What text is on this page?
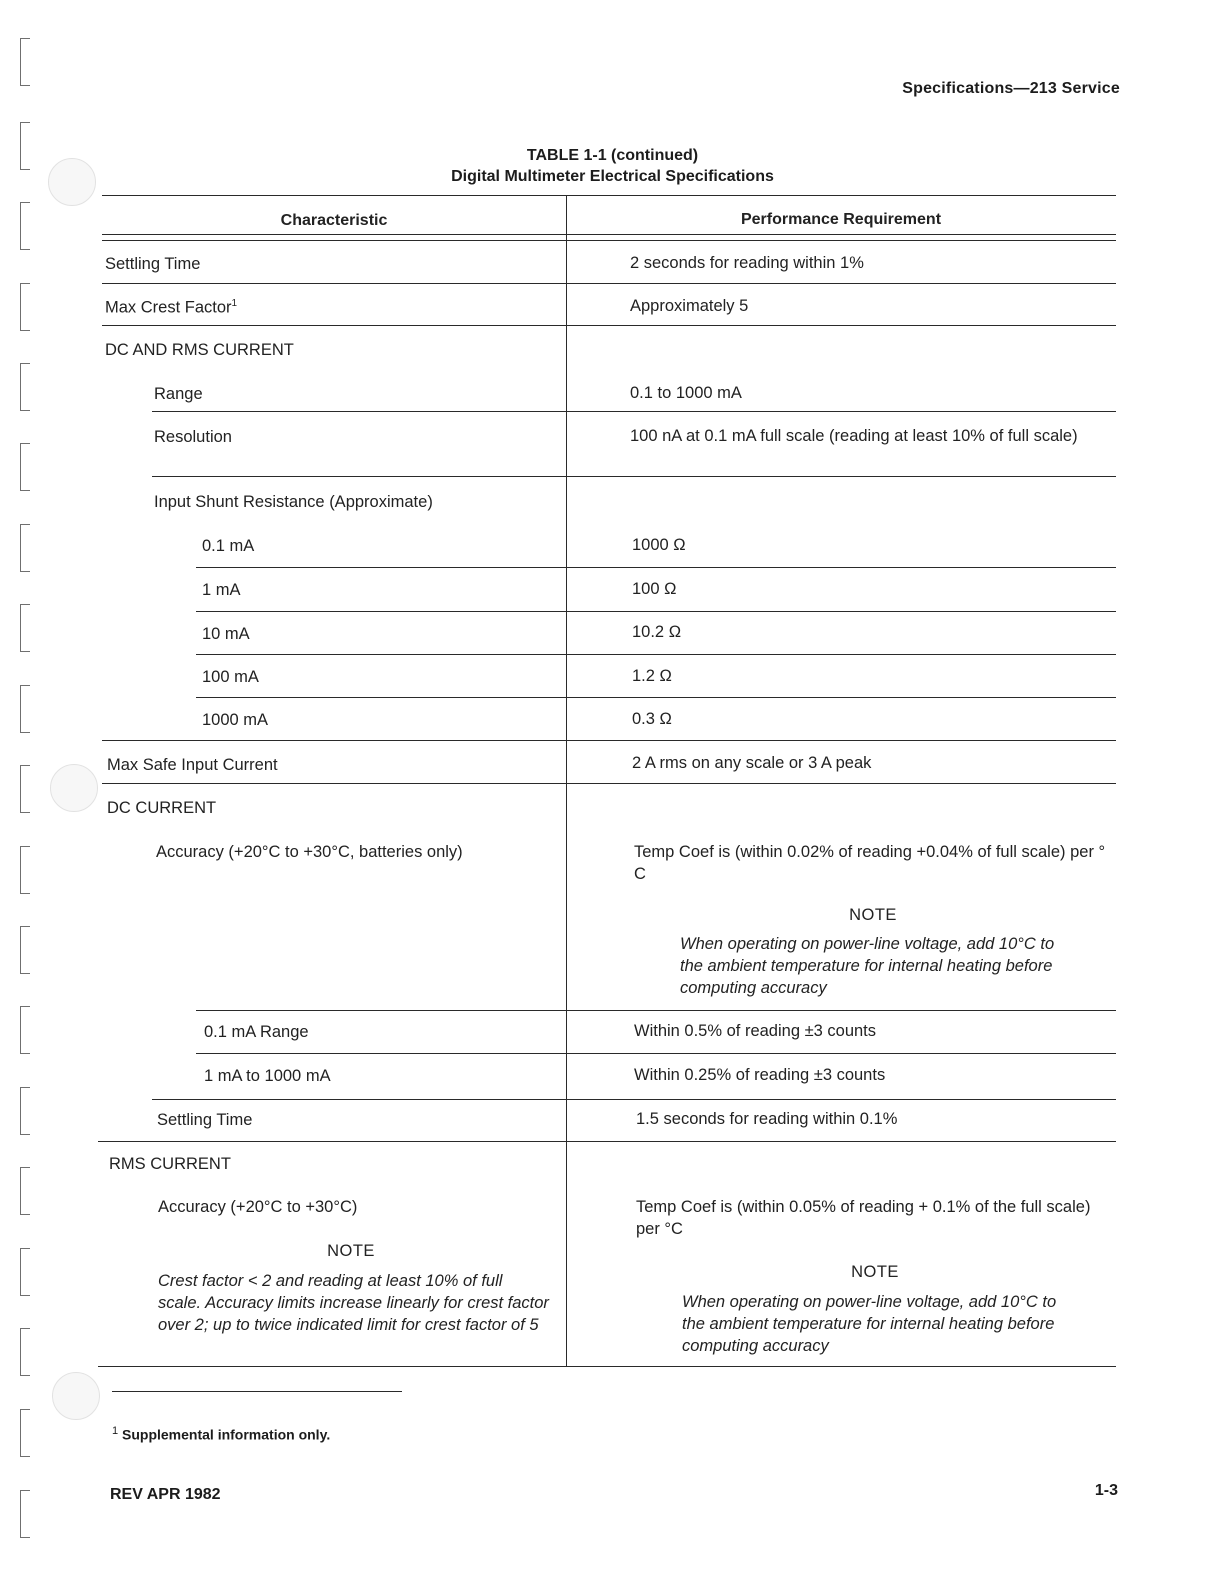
Specifications—213 Service
TABLE 1-1 (continued)
Digital Multimeter Electrical Specifications
Characteristic	Performance Requirement
Settling Time	2 seconds for reading within 1%
Max Crest Factor$^1$	Approximately 5
DC AND RMS CURRENT
Range	0.1 to 1000 mA
Resolution	100 nA at 0.1 mA full scale (reading at least 10% of full scale)
Input Shunt Resistance (Approximate)
0.1 mA	1000 Ω
1 mA	100 Ω
10 mA	10.2 Ω
100 mA	1.2 Ω
1000 mA	0.3 Ω
Max Safe Input Current	2 A rms on any scale or 3 A peak
DC CURRENT
Accuracy (+20°C to +30°C, batteries only)	Temp Coef is (within 0.02% of reading +0.04% of full scale) per ° C
NOTE
When operating on power-line voltage, add 10°C to the ambient temperature for internal heating before computing accuracy
0.1 mA Range	Within 0.5% of reading ±3 counts
1 mA to 1000 mA	Within 0.25% of reading ±3 counts
Settling Time	1.5 seconds for reading within 0.1%
RMS CURRENT
Accuracy (+20°C to +30°C)	Temp Coef is (within 0.05% of reading + 0.1% of the full scale) per °C
NOTE
Crest factor < 2 and reading at least 10% of full scale. Accuracy limits increase linearly for crest factor over 2; up to twice indicated limit for crest factor of 5
NOTE
When operating on power-line voltage, add 10°C to the ambient temperature for internal heating before computing accuracy
$^1$ Supplemental information only.
REV APR 1982	1-3
